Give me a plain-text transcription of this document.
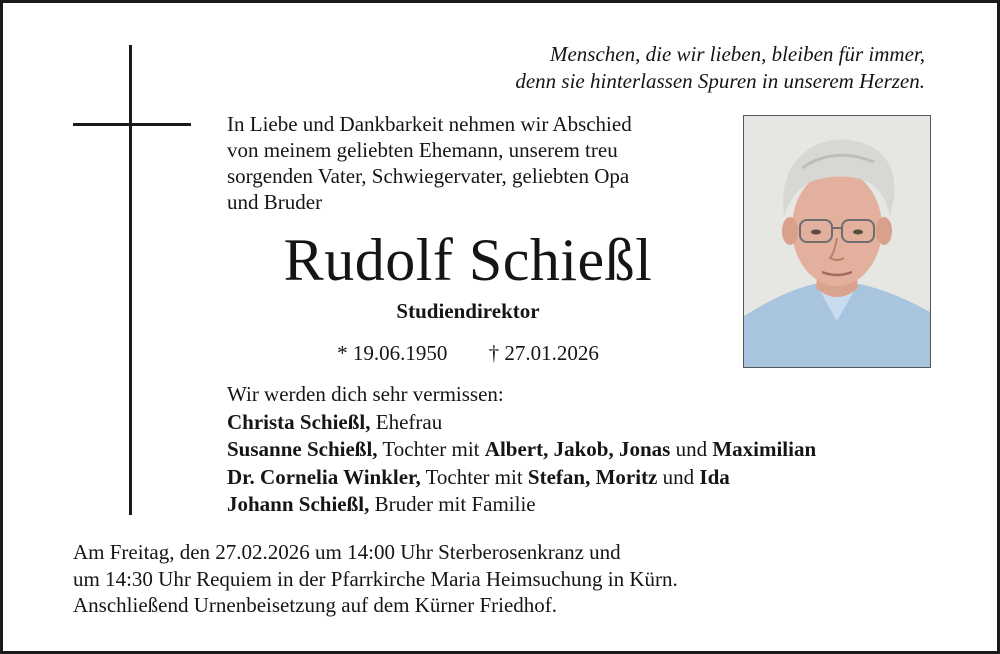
Menschen, die wir lieben, bleiben für immer,
denn sie hinterlassen Spuren in unserem Herzen.
In Liebe und Dankbarkeit nehmen wir Abschied
von meinem geliebten Ehemann, unserem treu
sorgenden Vater, Schwiegervater, geliebten Opa
und Bruder
Rudolf Schießl
Studiendirektor
* 19.06.1950 † 27.01.2026
Wir werden dich sehr vermissen:
Christa Schießl, Ehefrau
Susanne Schießl, Tochter mit Albert, Jakob, Jonas und Maximilian
Dr. Cornelia Winkler, Tochter mit Stefan, Moritz und Ida
Johann Schießl, Bruder mit Familie
Am Freitag, den 27.02.2026 um 14:00 Uhr Sterberosenkranz und
um 14:30 Uhr Requiem in der Pfarrkirche Maria Heimsuchung in Kürn.
Anschließend Urnenbeisetzung auf dem Kürner Friedhof.
